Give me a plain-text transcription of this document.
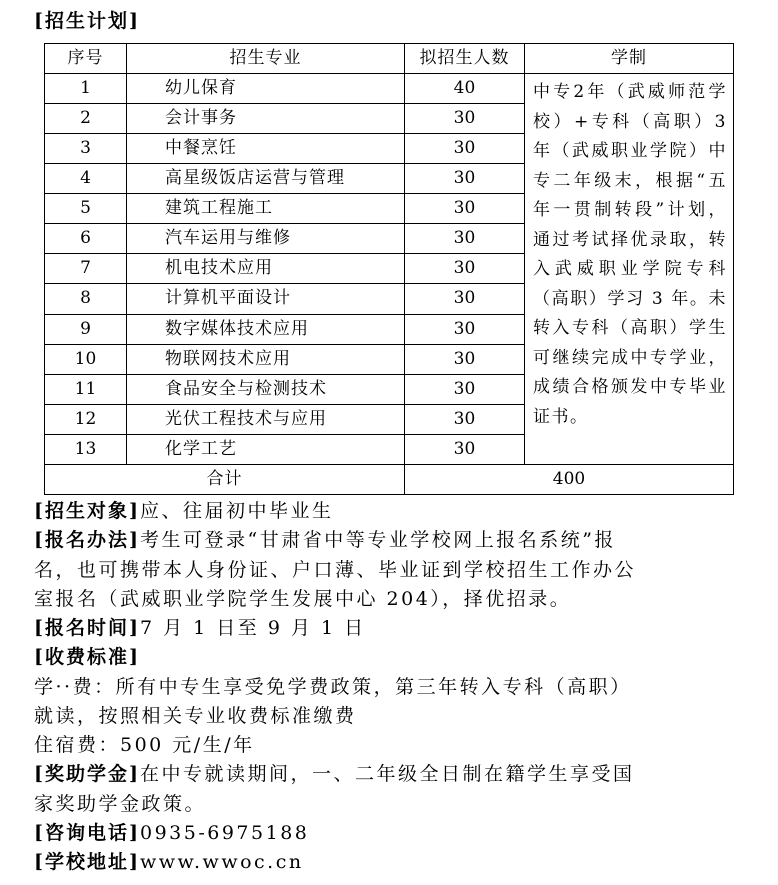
[招生计划]
序号	招生专业	拟招生人数	学制
1	幼儿保育	40	中专2年（武威师范学校）+专科（高职）3年（武威职业学院）中专二年级末，根据“五年一贯制转段”计划，通过考试择优录取，转入武威职业学院专科（高职）学习 3 年。未转入专科（高职）学生可继续完成中专学业，成绩合格颁发中专毕业证书。
2	会计事务	30	
3	中餐烹饪	30	
4	高星级饭店运营与管理	30	
5	建筑工程施工	30	
6	汽车运用与维修	30	
7	机电技术应用	30	
8	计算机平面设计	30	
9	数字媒体技术应用	30	
10	物联网技术应用	30	
11	食品安全与检测技术	30	
12	光伏工程技术与应用	30	
13	化学工艺	30	
合计		400	
[招生对象]应、往届初中毕业生
[报名办法]考生可登录“甘肃省中等专业学校网上报名系统”报
名，也可携带本人身份证、户口薄、毕业证到学校招生工作办公
室报名（武威职业学院学生发展中心 204），择优招录。
[报名时间]7 月 1 日至 9 月 1 日
[收费标准]
学··费：所有中专生享受免学费政策，第三年转入专科（高职）
就读，按照相关专业收费标准缴费
住宿费：500 元/生/年
[奖助学金]在中专就读期间，一、二年级全日制在籍学生享受国
家奖助学金政策。
[咨询电话]0935-6975188
[学校地址]www.wwoc.cn
